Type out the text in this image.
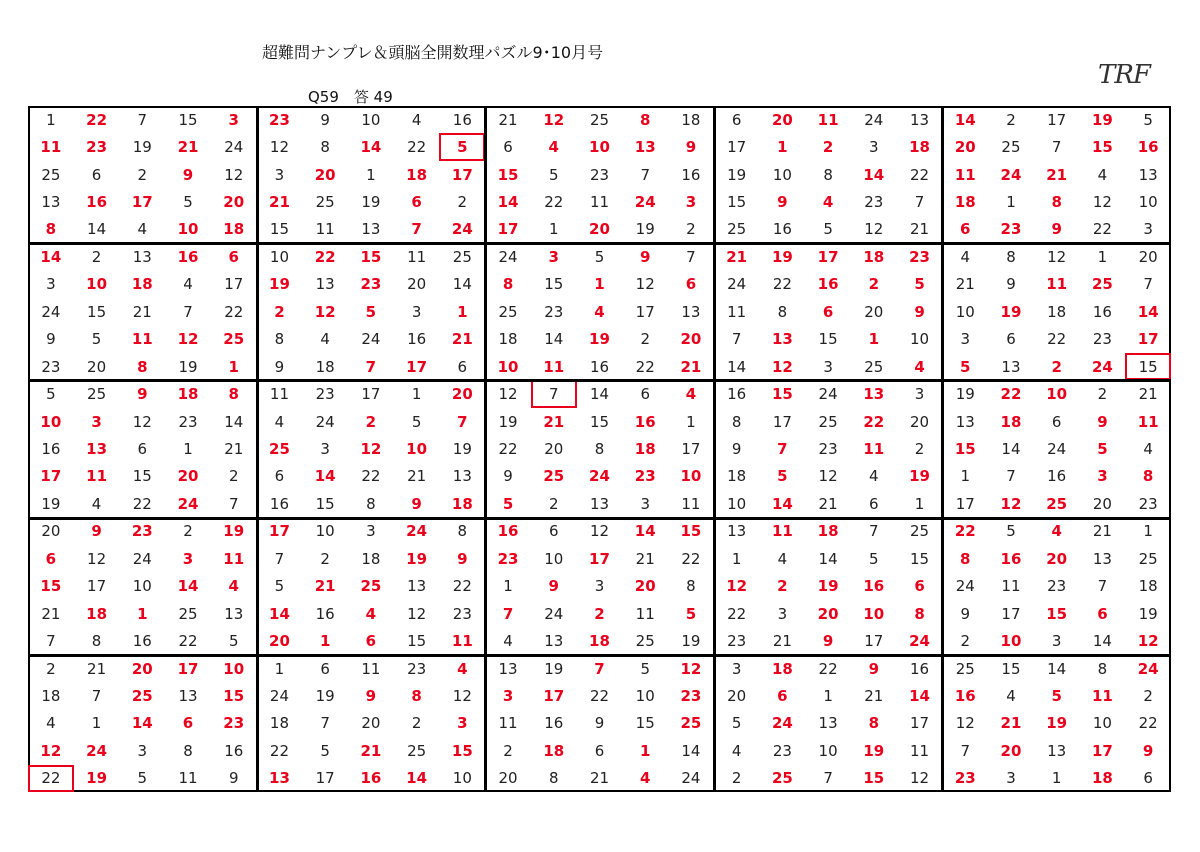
超難問ナンプレ＆頭脳全開数理パズル9･10月号
TRF
Q59　答 49
1	22	7	15	3	23	9	10	4	16	21	12	25	8	18	6	20	11	24	13	14	2	17	19	5
11	23	19	21	24	12	8	14	22	5	6	4	10	13	9	17	1	2	3	18	20	25	7	15	16
25	6	2	9	12	3	20	1	18	17	15	5	23	7	16	19	10	8	14	22	11	24	21	4	13
13	16	17	5	20	21	25	19	6	2	14	22	11	24	3	15	9	4	23	7	18	1	8	12	10
8	14	4	10	18	15	11	13	7	24	17	1	20	19	2	25	16	5	12	21	6	23	9	22	3
14	2	13	16	6	10	22	15	11	25	24	3	5	9	7	21	19	17	18	23	4	8	12	1	20
3	10	18	4	17	19	13	23	20	14	8	15	1	12	6	24	22	16	2	5	21	9	11	25	7
24	15	21	7	22	2	12	5	3	1	25	23	4	17	13	11	8	6	20	9	10	19	18	16	14
9	5	11	12	25	8	4	24	16	21	18	14	19	2	20	7	13	15	1	10	3	6	22	23	17
23	20	8	19	1	9	18	7	17	6	10	11	16	22	21	14	12	3	25	4	5	13	2	24	15
5	25	9	18	8	11	23	17	1	20	12	7	14	6	4	16	15	24	13	3	19	22	10	2	21
10	3	12	23	14	4	24	2	5	7	19	21	15	16	1	8	17	25	22	20	13	18	6	9	11
16	13	6	1	21	25	3	12	10	19	22	20	8	18	17	9	7	23	11	2	15	14	24	5	4
17	11	15	20	2	6	14	22	21	13	9	25	24	23	10	18	5	12	4	19	1	7	16	3	8
19	4	22	24	7	16	15	8	9	18	5	2	13	3	11	10	14	21	6	1	17	12	25	20	23
20	9	23	2	19	17	10	3	24	8	16	6	12	14	15	13	11	18	7	25	22	5	4	21	1
6	12	24	3	11	7	2	18	19	9	23	10	17	21	22	1	4	14	5	15	8	16	20	13	25
15	17	10	14	4	5	21	25	13	22	1	9	3	20	8	12	2	19	16	6	24	11	23	7	18
21	18	1	25	13	14	16	4	12	23	7	24	2	11	5	22	3	20	10	8	9	17	15	6	19
7	8	16	22	5	20	1	6	15	11	4	13	18	25	19	23	21	9	17	24	2	10	3	14	12
2	21	20	17	10	1	6	11	23	4	13	19	7	5	12	3	18	22	9	16	25	15	14	8	24
18	7	25	13	15	24	19	9	8	12	3	17	22	10	23	20	6	1	21	14	16	4	5	11	2
4	1	14	6	23	18	7	20	2	3	11	16	9	15	25	5	24	13	8	17	12	21	19	10	22
12	24	3	8	16	22	5	21	25	15	2	18	6	1	14	4	23	10	19	11	7	20	13	17	9
22	19	5	11	9	13	17	16	14	10	20	8	21	4	24	2	25	7	15	12	23	3	1	18	6
